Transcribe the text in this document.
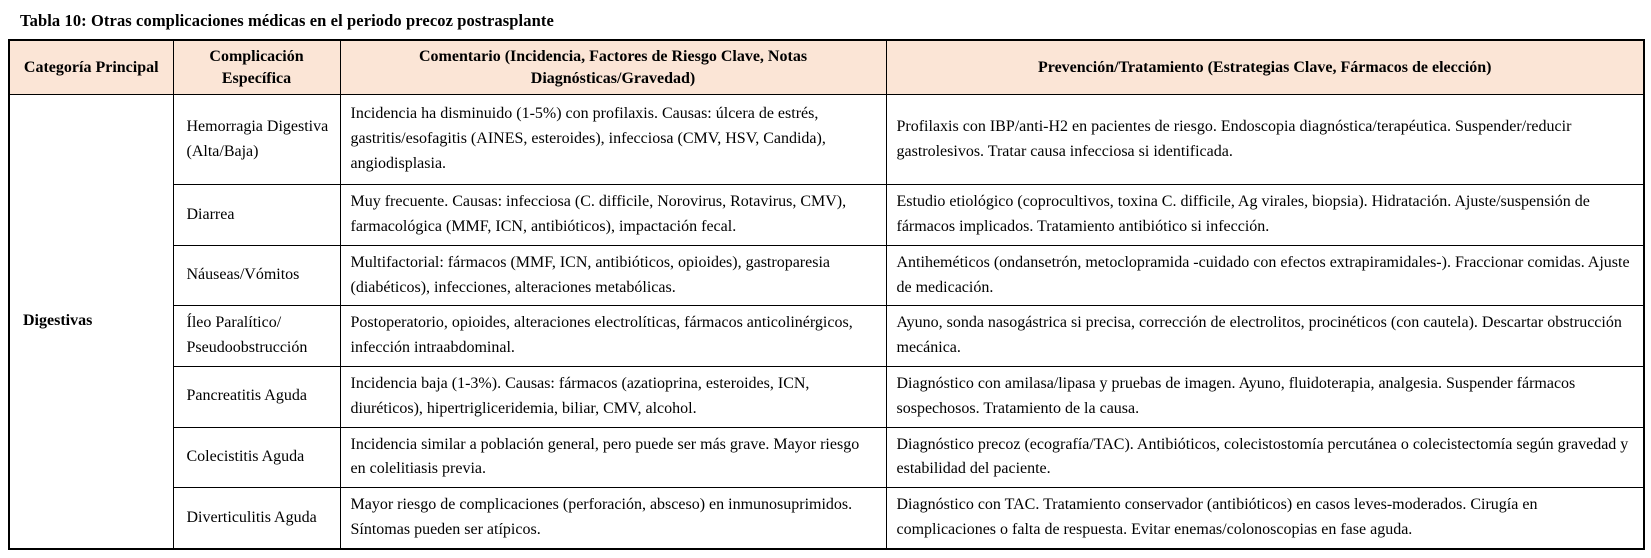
Tabla 10: Otras complicaciones médicas en el periodo precoz postrasplante
Categoría Principal	Complicación Específica	Comentario (Incidencia, Factores de Riesgo Clave, Notas Diagnósticas/Gravedad)	Prevención/Tratamiento (Estrategias Clave, Fármacos de elección)
Digestivas	Hemorragia Digestiva (Alta/Baja)	Incidencia ha disminuido (1-5%) con profilaxis. Causas: úlcera de estrés, gastritis/esofagitis (AINES, esteroides), infecciosa (CMV, HSV, Candida), angiodisplasia.	Profilaxis con IBP/anti-H2 en pacientes de riesgo. Endoscopia diagnóstica/terapéutica. Suspender/reducir gastrolesivos. Tratar causa infecciosa si identificada.
	Diarrea	Muy frecuente. Causas: infecciosa (C. difficile, Norovirus, Rotavirus, CMV), farmacológica (MMF, ICN, antibióticos), impactación fecal.	Estudio etiológico (coprocultivos, toxina C. difficile, Ag virales, biopsia). Hidratación. Ajuste/suspensión de fármacos implicados. Tratamiento antibiótico si infección.
	Náuseas/Vómitos	Multifactorial: fármacos (MMF, ICN, antibióticos, opioides), gastroparesia (diabéticos), infecciones, alteraciones metabólicas.	Antiheméticos (ondansetrón, metoclopramida -cuidado con efectos extrapiramidales-). Fraccionar comidas. Ajuste de medicación.
	Íleo Paralítico/ Pseudoobstrucción	Postoperatorio, opioides, alteraciones electrolíticas, fármacos anticolinérgicos, infección intraabdominal.	Ayuno, sonda nasogástrica si precisa, corrección de electrolitos, procinéticos (con cautela). Descartar obstrucción mecánica.
	Pancreatitis Aguda	Incidencia baja (1-3%). Causas: fármacos (azatioprina, esteroides, ICN, diuréticos), hipertrigliceridemia, biliar, CMV, alcohol.	Diagnóstico con amilasa/lipasa y pruebas de imagen. Ayuno, fluidoterapia, analgesia. Suspender fármacos sospechosos. Tratamiento de la causa.
	Colecistitis Aguda	Incidencia similar a población general, pero puede ser más grave. Mayor riesgo en colelitiasis previa.	Diagnóstico precoz (ecografía/TAC). Antibióticos, colecistostomía percutánea o colecistectomía según gravedad y estabilidad del paciente.
	Diverticulitis Aguda	Mayor riesgo de complicaciones (perforación, absceso) en inmunosuprimidos. Síntomas pueden ser atípicos.	Diagnóstico con TAC. Tratamiento conservador (antibióticos) en casos leves-moderados. Cirugía en complicaciones o falta de respuesta. Evitar enemas/colonoscopias en fase aguda.
